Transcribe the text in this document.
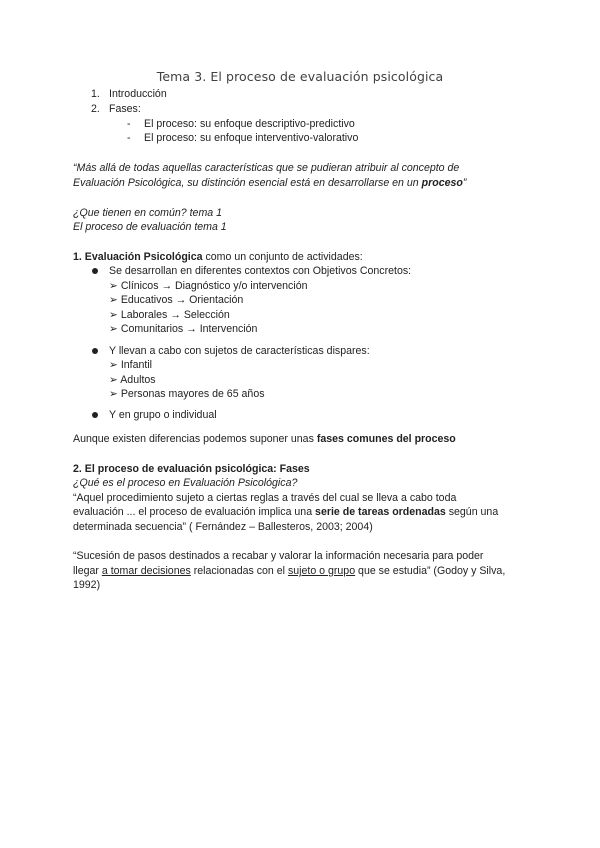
Tema 3. El proceso de evaluación psicológica
1. Introducción
2. Fases:
- El proceso: su enfoque descriptivo-predictivo
- El proceso: su enfoque interventivo-valorativo
“Más allá de todas aquellas características que se pudieran atribuir al concepto de
Evaluación Psicológica, su distinción esencial está en desarrollarse en un proceso”
¿Que tienen en común? tema 1
El proceso de evaluación tema 1
1. Evaluación Psicológica como un conjunto de actividades:
Se desarrollan en diferentes contextos con Objetivos Concretos:
➢ Clínicos → Diagnóstico y/o intervención
➢ Educativos → Orientación
➢ Laborales → Selección
➢ Comunitarios → Intervención
Y llevan a cabo con sujetos de características dispares:
➢ Infantil
➢ Adultos
➢ Personas mayores de 65 años
Y en grupo o individual
Aunque existen diferencias podemos suponer unas fases comunes del proceso
2. El proceso de evaluación psicológica: Fases
¿Qué es el proceso en Evaluación Psicológica?
“Aquel procedimiento sujeto a ciertas reglas a través del cual se lleva a cabo toda
evaluación ... el proceso de evaluación implica una serie de tareas ordenadas según una
determinada secuencia” ( Fernández – Ballesteros, 2003; 2004)
“Sucesión de pasos destinados a recabar y valorar la información necesaria para poder
llegar a tomar decisiones relacionadas con el sujeto o grupo que se estudia” (Godoy y Silva,
1992)
